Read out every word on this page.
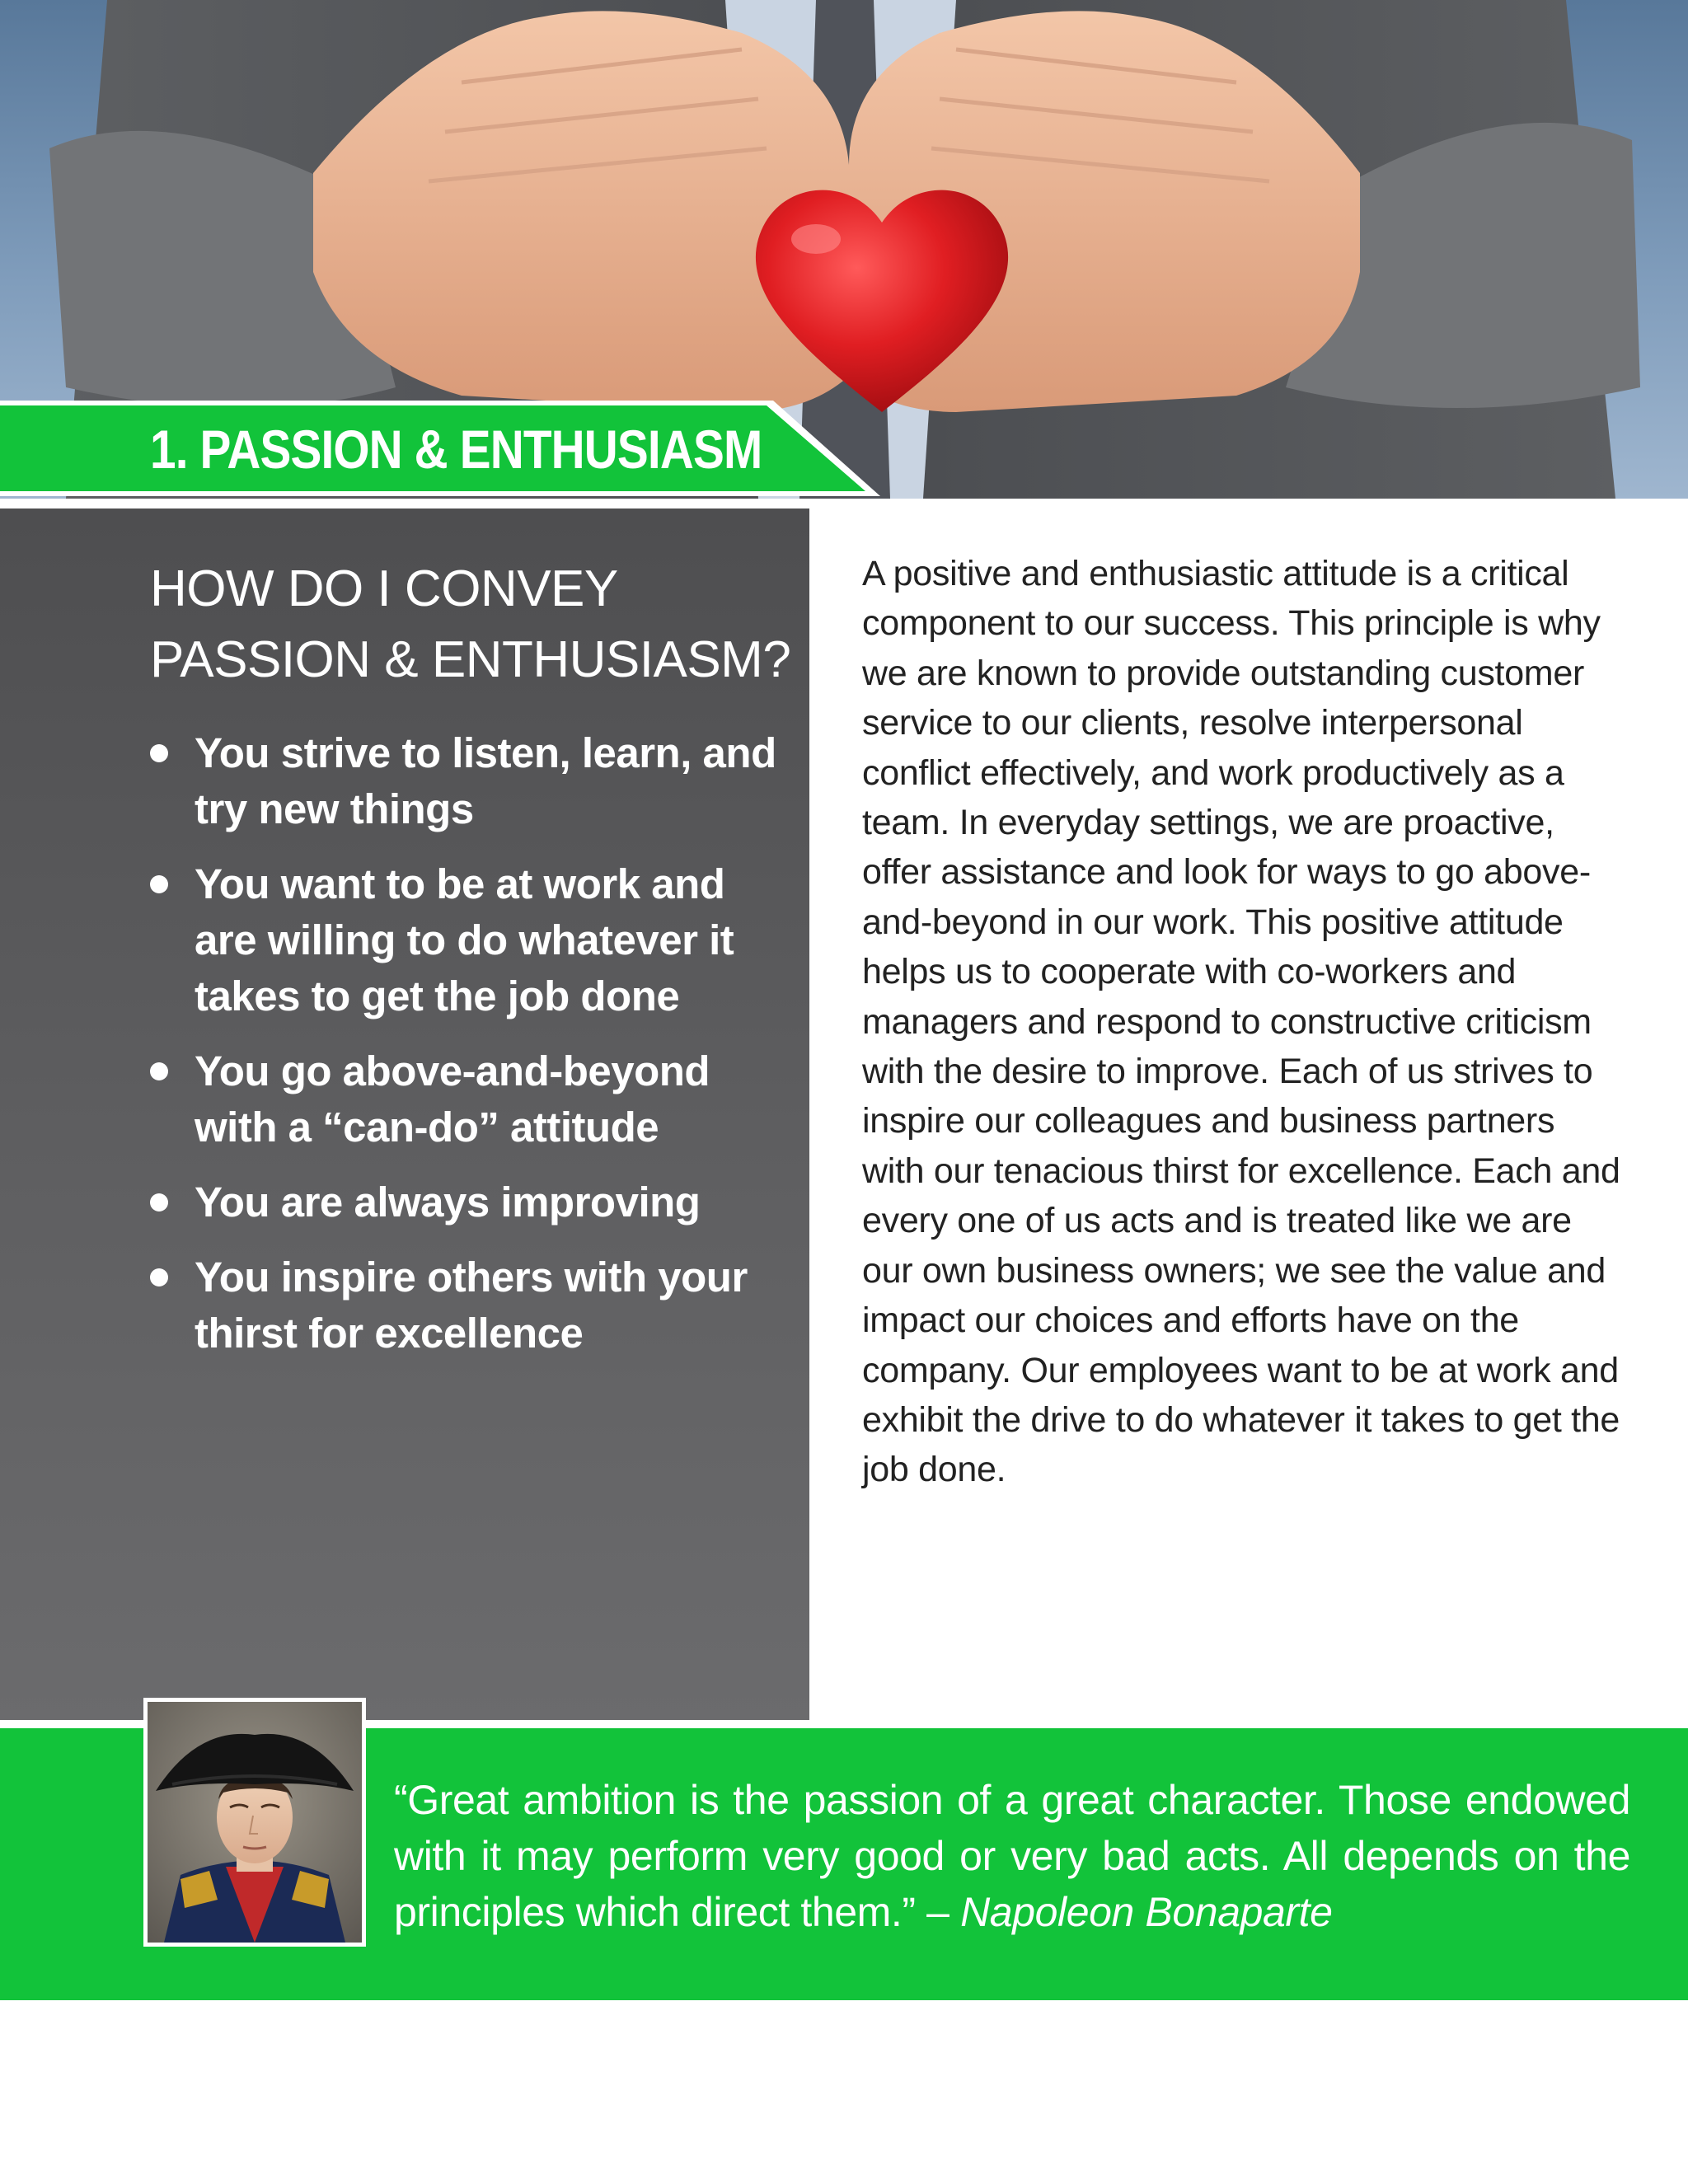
1. PASSION & ENTHUSIASM
HOW DO I CONVEY
PASSION & ENTHUSIASM?
You strive to listen, learn, and try new things
You want to be at work and are willing to do whatever it takes to get the job done
You go above-and-beyond with a “can-do” attitude
You are always improving
You inspire others with your thirst for excellence

A positive and enthusiastic attitude is a critical component to our success. This principle is why we are known to provide outstanding customer service to our clients, resolve interpersonal conflict effectively, and work productively as a team. In everyday settings, we are proactive, offer assistance and look for ways to go above-and-beyond in our work. This positive attitude helps us to cooperate with co-workers and managers and respond to constructive criticism with the desire to improve. Each of us strives to inspire our colleagues and business partners with our tenacious thirst for excellence. Each and every one of us acts and is treated like we are our own business owners; we see the value and impact our choices and efforts have on the company. Our employees want to be at work and exhibit the drive to do whatever it takes to get the job done.

“Great ambition is the passion of a great character. Those endowed with it may perform very good or very bad acts. All depends on the principles which direct them.” – Napoleon Bonaparte
